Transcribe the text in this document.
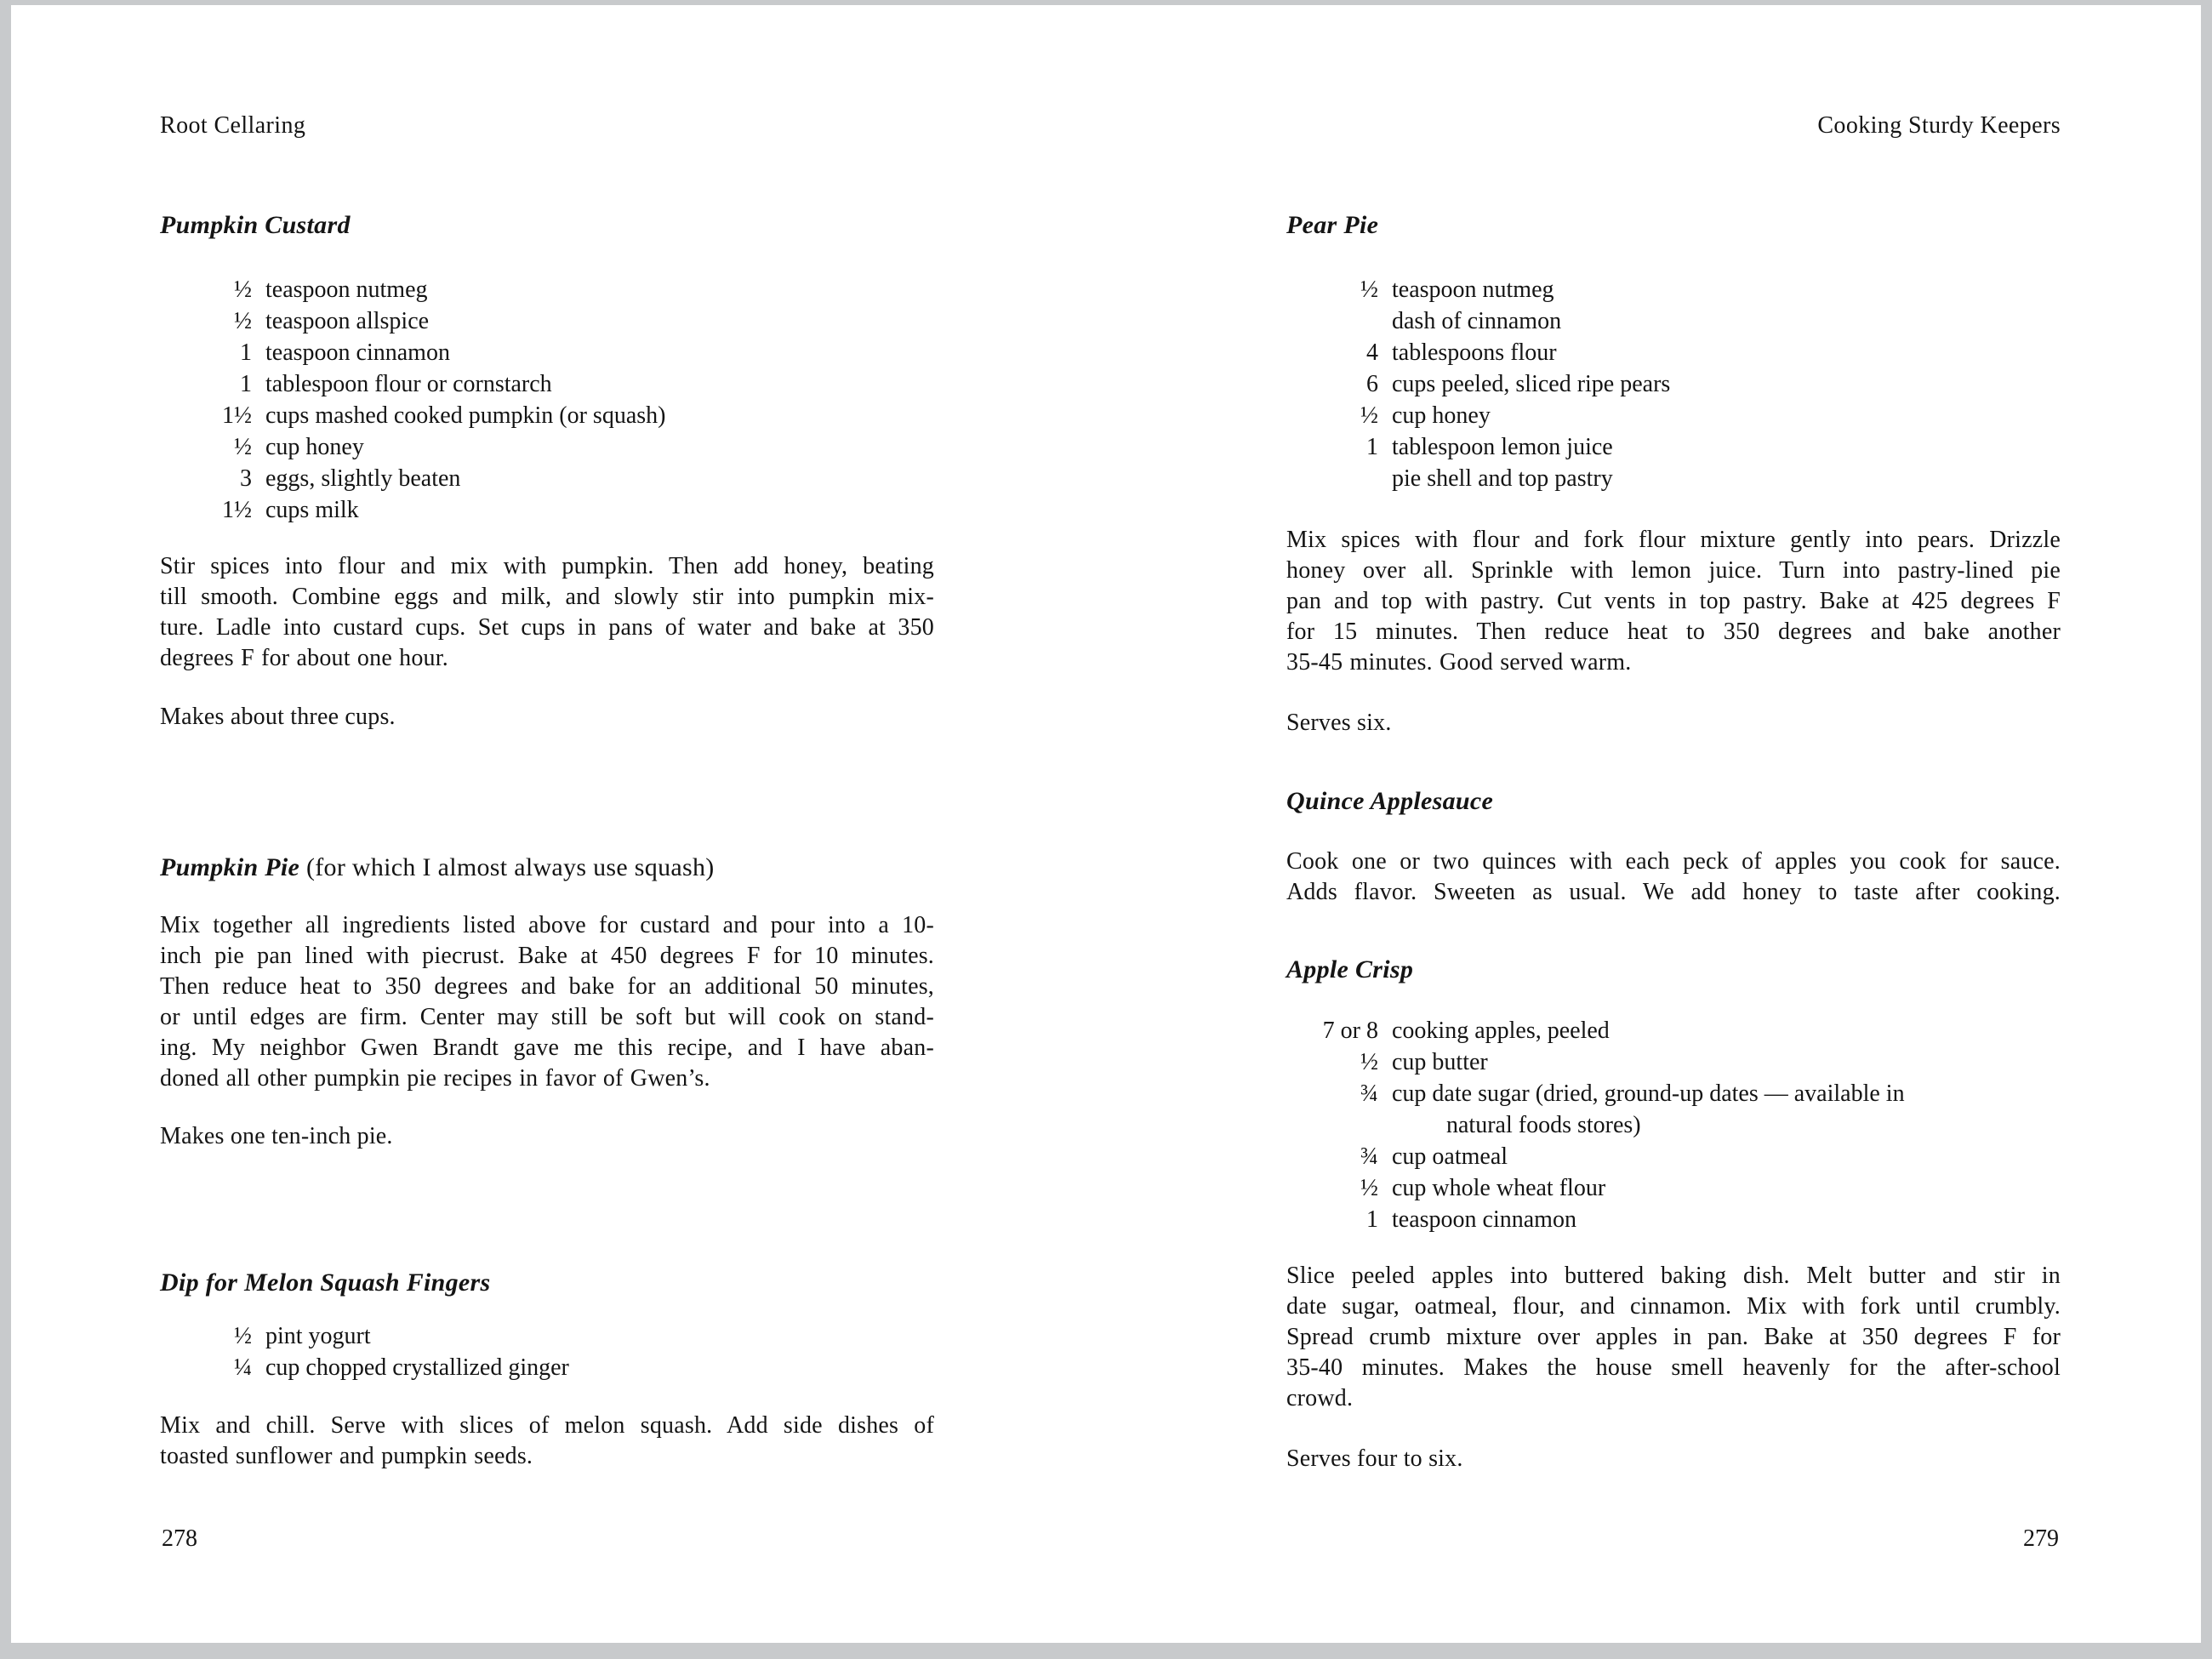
Root Cellaring
Pumpkin Custard
½ teaspoon nutmeg
½ teaspoon allspice
1 teaspoon cinnamon
1 tablespoon flour or cornstarch
1½ cups mashed cooked pumpkin (or squash)
½ cup honey
3 eggs, slightly beaten
1½ cups milk
Stir spices into flour and mix with pumpkin. Then add honey, beating
till smooth. Combine eggs and milk, and slowly stir into pumpkin mix-
ture. Ladle into custard cups. Set cups in pans of water and bake at 350
degrees F for about one hour.
Makes about three cups.
Pumpkin Pie (for which I almost always use squash)
Mix together all ingredients listed above for custard and pour into a 10-
inch pie pan lined with piecrust. Bake at 450 degrees F for 10 minutes.
Then reduce heat to 350 degrees and bake for an additional 50 minutes,
or until edges are firm. Center may still be soft but will cook on stand-
ing. My neighbor Gwen Brandt gave me this recipe, and I have aban-
doned all other pumpkin pie recipes in favor of Gwen’s.
Makes one ten-inch pie.
Dip for Melon Squash Fingers
½ pint yogurt
¼ cup chopped crystallized ginger
Mix and chill. Serve with slices of melon squash. Add side dishes of
toasted sunflower and pumpkin seeds.
Cooking Sturdy Keepers
Pear Pie
½ teaspoon nutmeg
dash of cinnamon
4 tablespoons flour
6 cups peeled, sliced ripe pears
½ cup honey
1 tablespoon lemon juice
pie shell and top pastry
Mix spices with flour and fork flour mixture gently into pears. Drizzle
honey over all. Sprinkle with lemon juice. Turn into pastry-lined pie
pan and top with pastry. Cut vents in top pastry. Bake at 425 degrees F
for 15 minutes. Then reduce heat to 350 degrees and bake another
35-45 minutes. Good served warm.
Serves six.
Quince Applesauce
Cook one or two quinces with each peck of apples you cook for sauce.
Adds flavor. Sweeten as usual. We add honey to taste after cooking.
Apple Crisp
7 or 8 cooking apples, peeled
½ cup butter
¾ cup date sugar (dried, ground-up dates — available in
natural foods stores)
¾ cup oatmeal
½ cup whole wheat flour
1 teaspoon cinnamon
Slice peeled apples into buttered baking dish. Melt butter and stir in
date sugar, oatmeal, flour, and cinnamon. Mix with fork until crumbly.
Spread crumb mixture over apples in pan. Bake at 350 degrees F for
35-40 minutes. Makes the house smell heavenly for the after-school
crowd.
Serves four to six.
278	279
